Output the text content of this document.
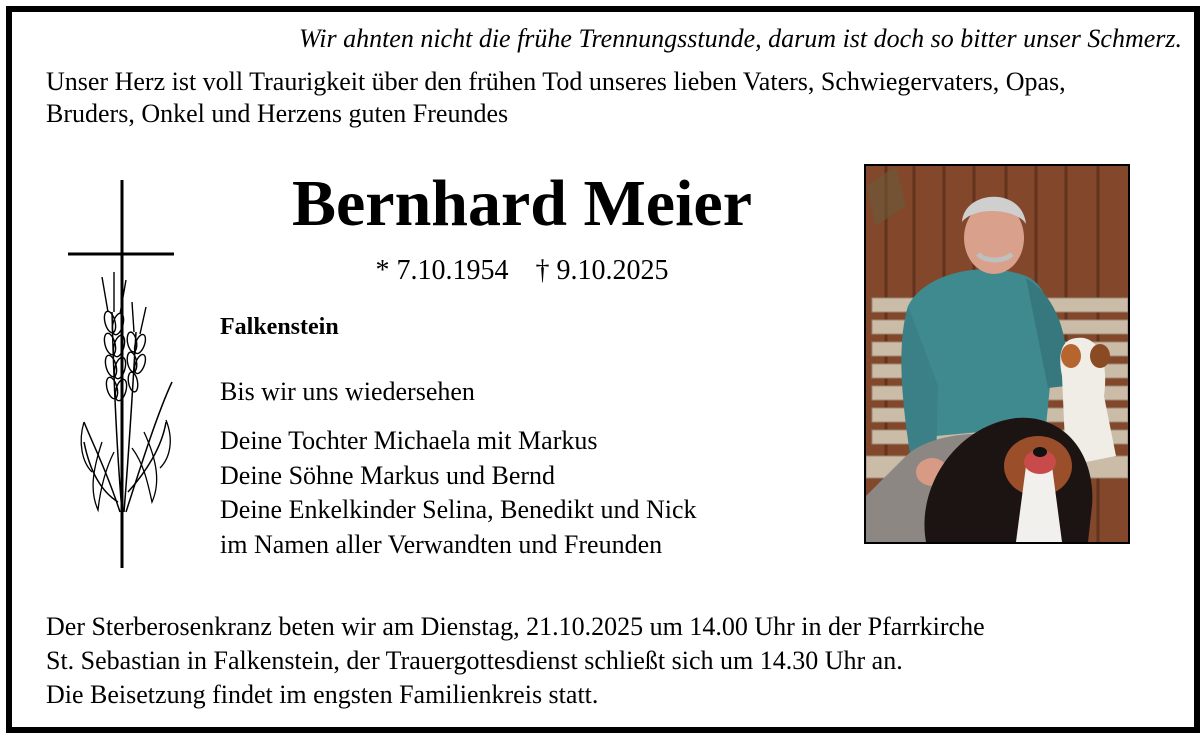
Wir ahnten nicht die frühe Trennungsstunde, darum ist doch so bitter unser Schmerz.
Unser Herz ist voll Traurigkeit über den frühen Tod unseres lieben Vaters, Schwiegervaters, Opas,
Bruders, Onkel und Herzens guten Freundes
Bernhard Meier
* 7.10.1954 † 9.10.2025
Falkenstein
Bis wir uns wiedersehen
Deine Tochter Michaela mit Markus
Deine Söhne Markus und Bernd
Deine Enkelkinder Selina, Benedikt und Nick
im Namen aller Verwandten und Freunden
Der Sterberosenkranz beten wir am Dienstag, 21.10.2025 um 14.00 Uhr in der Pfarrkirche
St. Sebastian in Falkenstein, der Trauergottesdienst schließt sich um 14.30 Uhr an.
Die Beisetzung findet im engsten Familienkreis statt.
